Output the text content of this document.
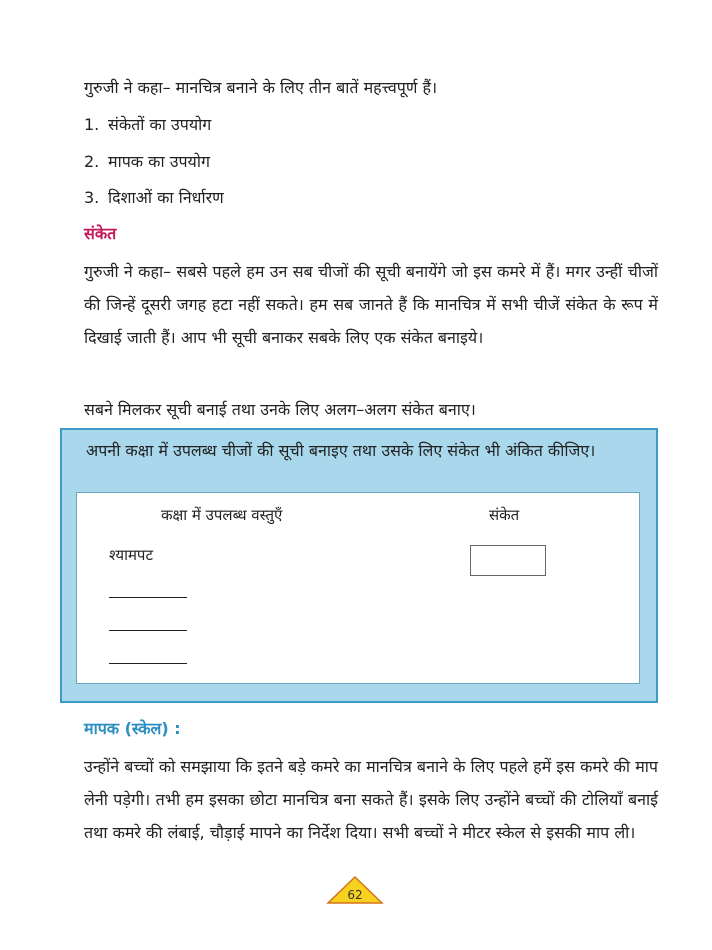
गुरुजी ने कहा– मानचित्र बनाने के लिए तीन बातें महत्त्वपूर्ण हैं।
1. संकेतों का उपयोग
2. मापक का उपयोग
3. दिशाओं का निर्धारण
संकेत
गुरुजी ने कहा– सबसे पहले हम उन सब चीजों की सूची बनायेंगे जो इस कमरे में हैं। मगर उन्हीं चीजों की जिन्हें दूसरी जगह हटा नहीं सकते। हम सब जानते हैं कि मानचित्र में सभी चीजें संकेत के रूप में दिखाई जाती हैं। आप भी सूची बनाकर सबके लिए एक संकेत बनाइये।
सबने मिलकर सूची बनाई तथा उनके लिए अलग–अलग संकेत बनाए।
अपनी कक्षा में उपलब्ध चीजों की सूची बनाइए तथा उसके लिए संकेत भी अंकित कीजिए।
कक्षा में उपलब्ध वस्तुएँ	संकेत
श्यामपट
मापक (स्केल) :
उन्होंने बच्चों को समझाया कि इतने बड़े कमरे का मानचित्र बनाने के लिए पहले हमें इस कमरे की माप लेनी पड़ेगी। तभी हम इसका छोटा मानचित्र बना सकते हैं। इसके लिए उन्होंने बच्चों की टोलियाँ बनाई तथा कमरे की लंबाई, चौड़ाई मापने का निर्देश दिया। सभी बच्चों ने मीटर स्केल से इसकी माप ली।
62
